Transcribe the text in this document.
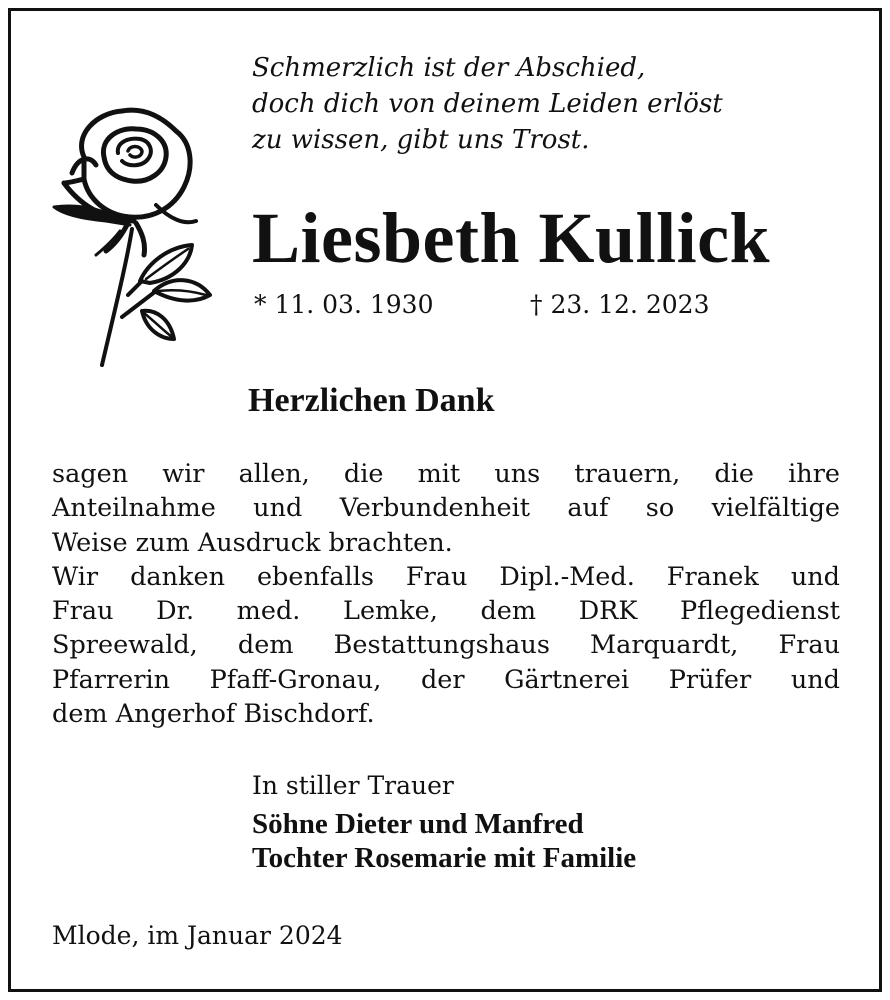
Schmerzlich ist der Abschied,
doch dich von deinem Leiden erlöst
zu wissen, gibt uns Trost.

Liesbeth Kullick
* 11. 03. 1930	† 23. 12. 2023
Herzlichen Dank
sagen wir allen, die mit uns trauern, die ihre
Anteilnahme und Verbundenheit auf so vielfältige
Weise zum Ausdruck brachten.
Wir danken ebenfalls Frau Dipl.-Med. Franek und
Frau Dr. med. Lemke, dem DRK Pflegedienst
Spreewald, dem Bestattungshaus Marquardt, Frau
Pfarrerin Pfaff-Gronau, der Gärtnerei Prüfer und
dem Angerhof Bischdorf.
In stiller Trauer
Söhne Dieter und Manfred
Tochter Rosemarie mit Familie
Mlode, im Januar 2024
